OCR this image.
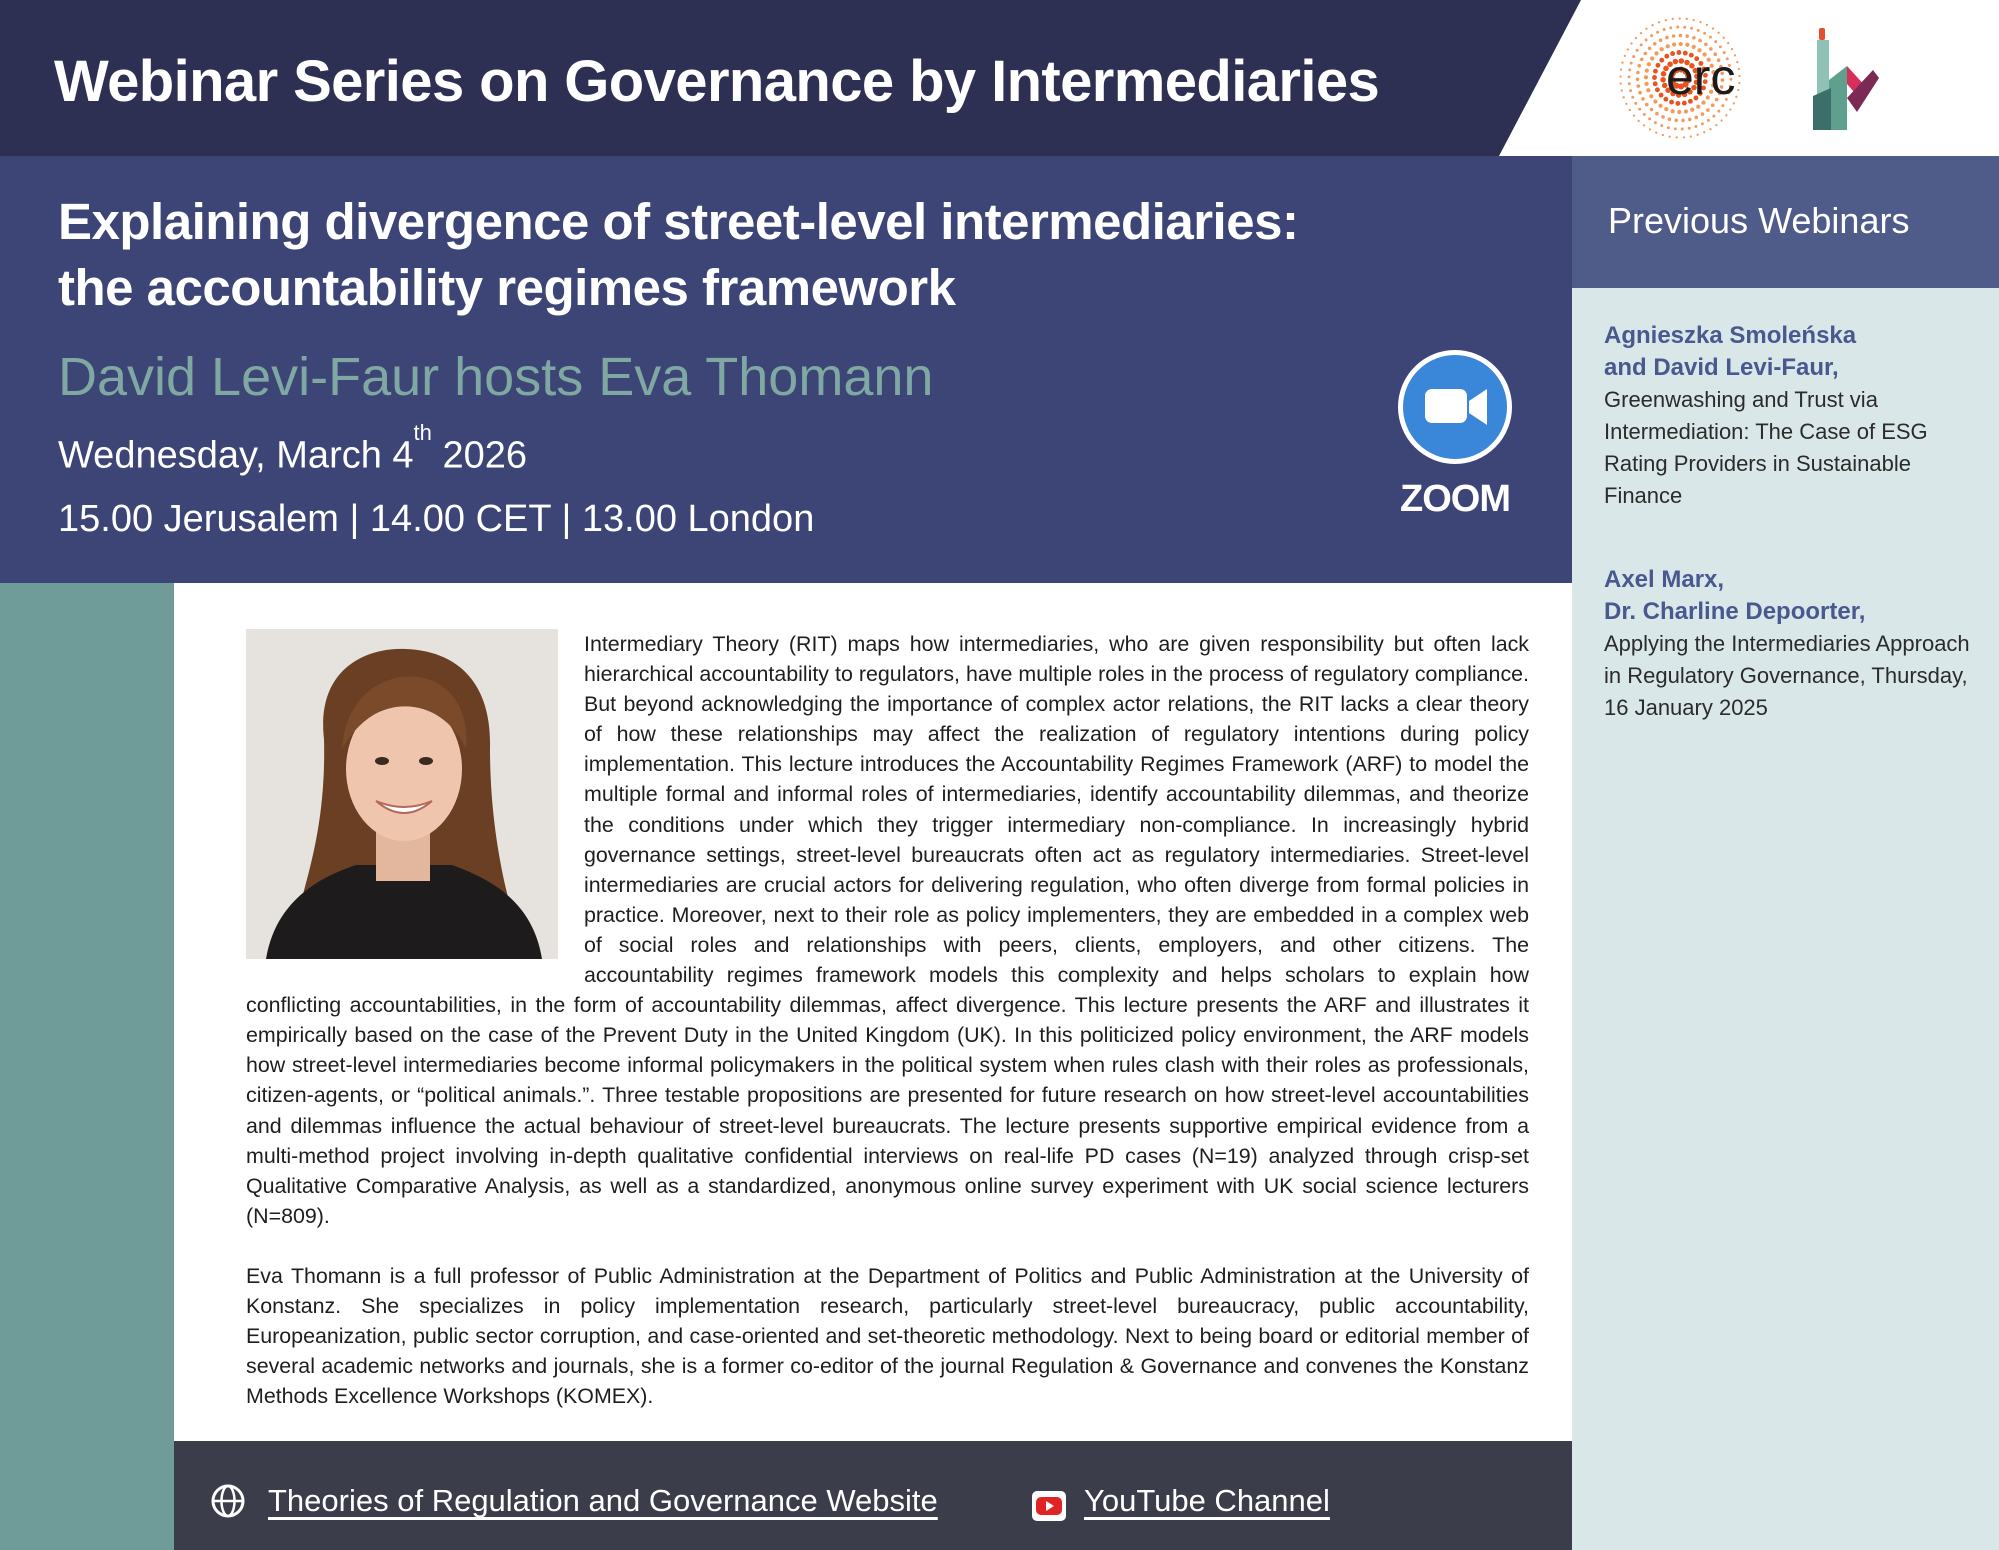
Webinar Series on Governance by Intermediaries	erc
Explaining divergence of street-level intermediaries:
the accountability regimes framework
David Levi-Faur hosts Eva Thomann
Wednesday, March 4th 2026
15.00 Jerusalem | 14.00 CET | 13.00 London	ZOOM
Previous Webinars
Agnieszka Smoleńska
and David Levi-Faur,
Greenwashing and Trust via Intermediation: The Case of ESG Rating Providers in Sustainable Finance
Axel Marx,
Dr. Charline Depoorter,
Applying the Intermediaries Approach in Regulatory Governance, Thursday, 16 January 2025
Intermediary Theory (RIT) maps how intermediaries, who are given responsibility but often lack hierarchical accountability to regulators, have multiple roles in the process of regulatory compliance. But beyond acknowledging the importance of complex actor relations, the RIT lacks a clear theory of how these relationships may affect the realization of regulatory intentions during policy implementation. This lecture introduces the Accountability Regimes Framework (ARF) to model the multiple formal and informal roles of intermediaries, identify accountability dilemmas, and theorize the conditions under which they trigger intermediary non-compliance. In increasingly hybrid governance settings, street-level bureaucrats often act as regulatory intermediaries. Street-level intermediaries are crucial actors for delivering regulation, who often diverge from formal policies in practice. Moreover, next to their role as policy implementers, they are embedded in a complex web of social roles and relationships with peers, clients, employers, and other citizens. The accountability regimes framework models this complexity and helps scholars to explain how conflicting accountabilities, in the form of accountability dilemmas, affect divergence. This lecture presents the ARF and illustrates it empirically based on the case of the Prevent Duty in the United Kingdom (UK). In this politicized policy environment, the ARF models how street-level intermediaries become informal policymakers in the political system when rules clash with their roles as professionals, citizen-agents, or “political animals.”. Three testable propositions are presented for future research on how street-level accountabilities and dilemmas influence the actual behaviour of street-level bureaucrats. The lecture presents supportive empirical evidence from a multi-method project involving in-depth qualitative confidential interviews on real-life PD cases (N=19) analyzed through crisp-set Qualitative Comparative Analysis, as well as a standardized, anonymous online survey experiment with UK social science lecturers (N=809).
Eva Thomann is a full professor of Public Administration at the Department of Politics and Public Administration at the University of Konstanz. She specializes in policy implementation research, particularly street-level bureaucracy, public accountability, Europeanization, public sector corruption, and case-oriented and set-theoretic methodology. Next to being board or editorial member of several academic networks and journals, she is a former co-editor of the journal Regulation & Governance and convenes the Konstanz Methods Excellence Workshops (KOMEX).
Theories of Regulation and Governance Website	YouTube Channel
